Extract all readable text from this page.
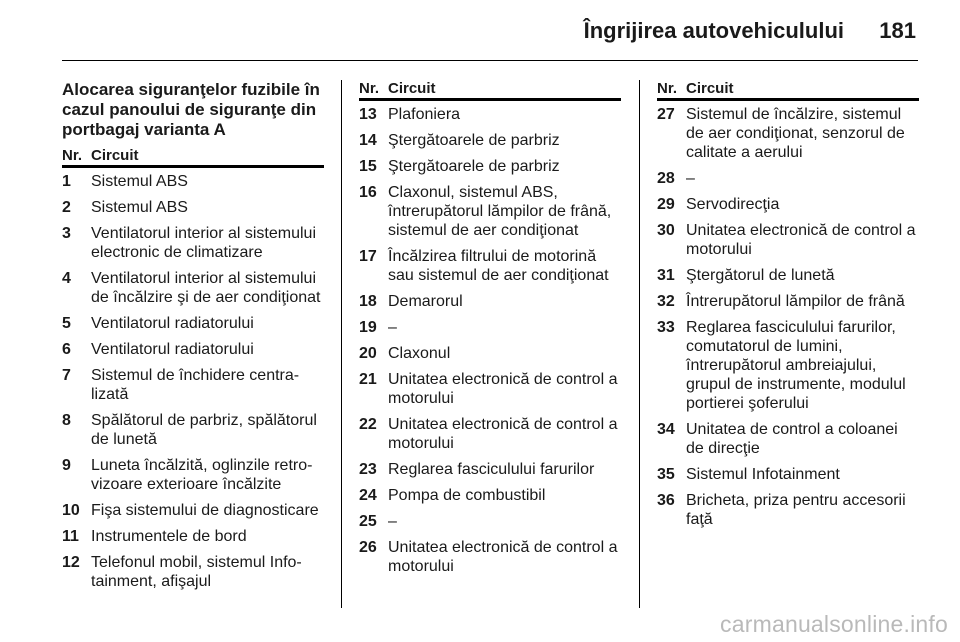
Îngrijirea autovehiculului 181
Alocarea siguranţelor fuzibile în cazul panoului de siguranţe din portbagaj varianta A
Nr. Circuit
1	Sistemul ABS
2	Sistemul ABS
3	Ventilatorul interior al sistemului electronic de climatizare
4	Ventilatorul interior al sistemului de încălzire şi de aer condiţionat
5	Ventilatorul radiatorului
6	Ventilatorul radiatorului
7	Sistemul de închidere centra-lizată
8	Spălătorul de parbriz, spălătorul de lunetă
9	Luneta încălzită, oglinzile retro-vizoare exterioare încălzite
10 Fişa sistemului de diagnosticare
11 Instrumentele de bord
12 Telefonul mobil, sistemul Info-tainment, afişajul
Nr. Circuit
13 Plafoniera
14 Ştergătoarele de parbriz
15 Ştergătoarele de parbriz
16 Claxonul, sistemul ABS, întrerupătorul lămpilor de frână, sistemul de aer condiţionat
17 Încălzirea filtrului de motorină sau sistemul de aer condiţionat
18 Demarorul
19 –
20 Claxonul
21 Unitatea electronică de control a motorului
22 Unitatea electronică de control a motorului
23 Reglarea fasciculului farurilor
24 Pompa de combustibil
25 –
26 Unitatea electronică de control a motorului
Nr. Circuit
27 Sistemul de încălzire, sistemul de aer condiţionat, senzorul de calitate a aerului
28 –
29 Servodirecţia
30 Unitatea electronică de control a motorului
31 Ştergătorul de lunetă
32 Întrerupătorul lămpilor de frână
33 Reglarea fasciculului farurilor, comutatorul de lumini, întrerupătorul ambreiajului, grupul de instrumente, modulul portierei şoferului
34 Unitatea de control a coloanei de direcţie
35 Sistemul Infotainment
36 Bricheta, priza pentru accesorii faţă
carmanualsonline.info
